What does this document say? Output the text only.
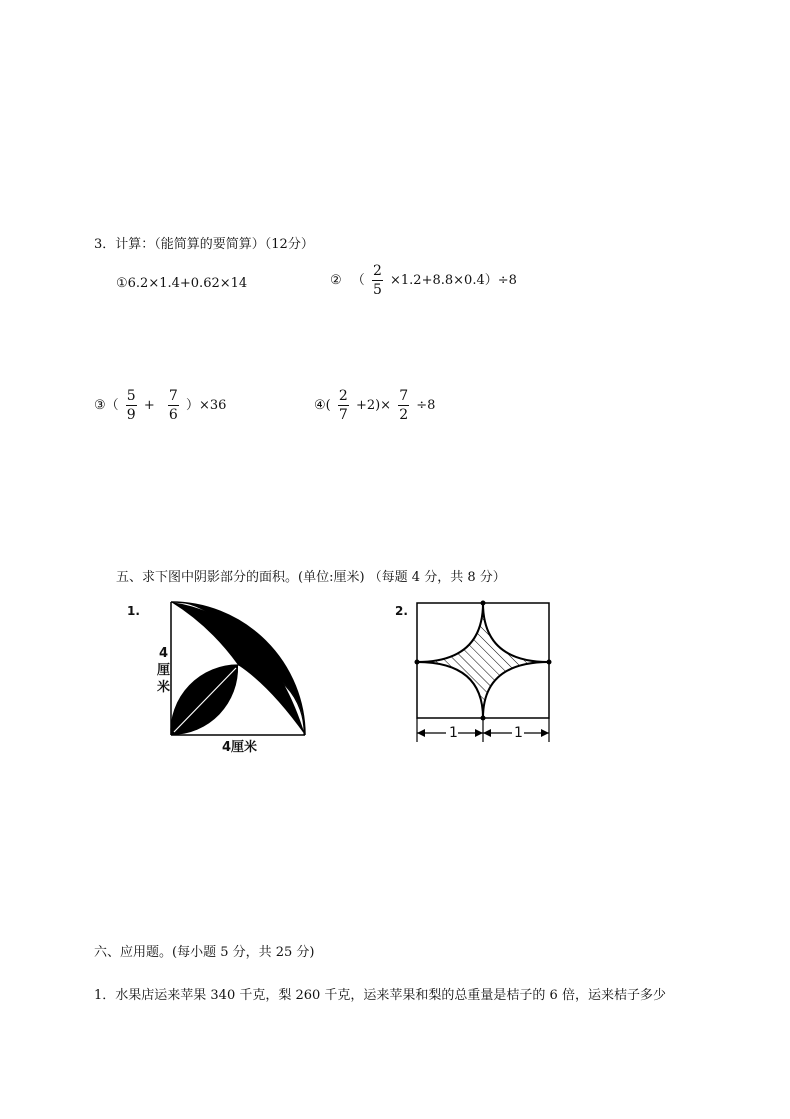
3．计算：（能简算的要简算）（12分）
①6.2×1.4+0.62×14	② （ $\frac{2}{5} \times 1.2+8.8\times 0.4)\div 8$
③（ $\frac{5}{9} + \frac{7}{6} )\times 36$	④( $\frac{2}{7} +2)\times \frac{7}{2} \div 8$
五、求下图中阴影部分的面积。(单位:厘米) （每题 4 分，共 8 分）
1.
4
厘
米
4厘米
2.
1	1
六、应用题。(每小题 5 分，共 25 分)
1．水果店运来苹果 340 千克，梨 260 千克，运来苹果和梨的总重量是桔子的 6 倍，运来桔子多少
